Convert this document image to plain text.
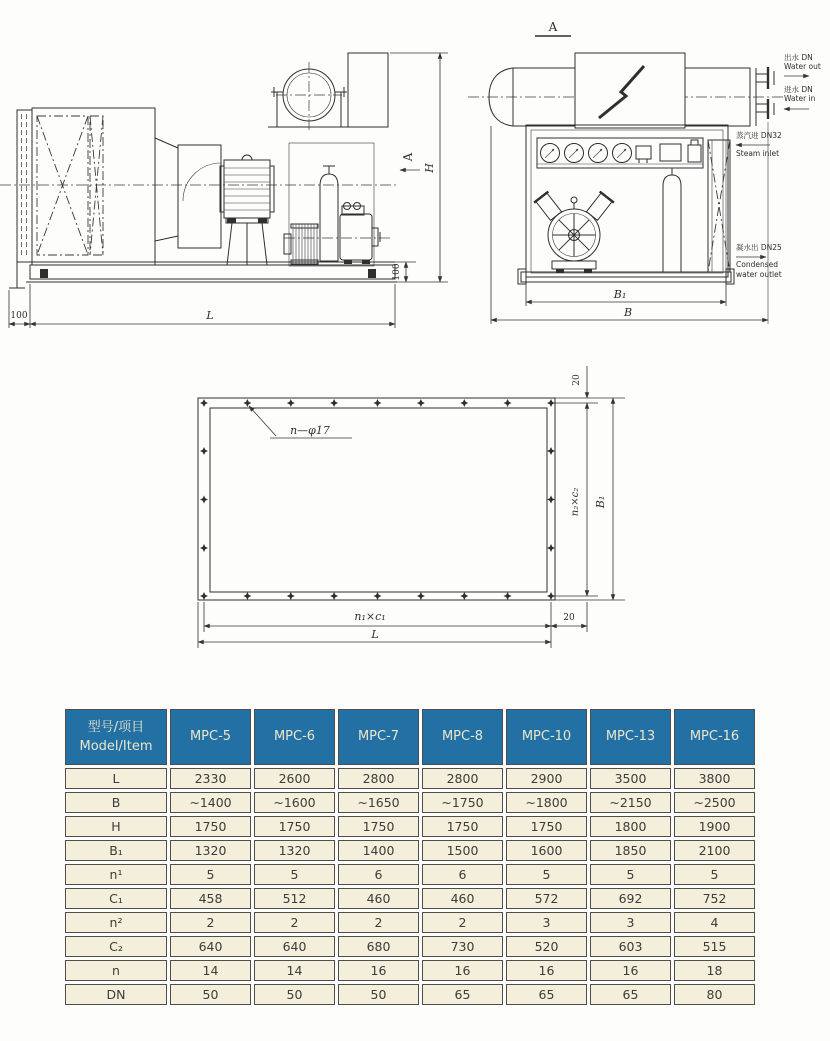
A
H
100
100	L
A
B₁
B
出水 DN
Water out
进水 DN
Water in
蒸汽进 DN32
Steam inlet
凝水出 DN25
Condensed
water outlet
n—φ17
20
n₂×c₂ B₁
n₁×c₁	20
L
型号/项目
Model/Item	MPC-5	MPC-6	MPC-7	MPC-8	MPC-10	MPC-13	MPC-16
L	2330	2600	2800	2800	2900	3500	3800
B	~1400	~1600	~1650	~1750	~1800	~2150	~2500
H	1750	1750	1750	1750	1750	1800	1900
B₁	1320	1320	1400	1500	1600	1850	2100
n¹	5	5	6	6	5	5	5
C₁	458	512	460	460	572	692	752
n²	2	2	2	2	3	3	4
C₂	640	640	680	730	520	603	515
n	14	14	16	16	16	16	18
DN	50	50	50	65	65	65	80
